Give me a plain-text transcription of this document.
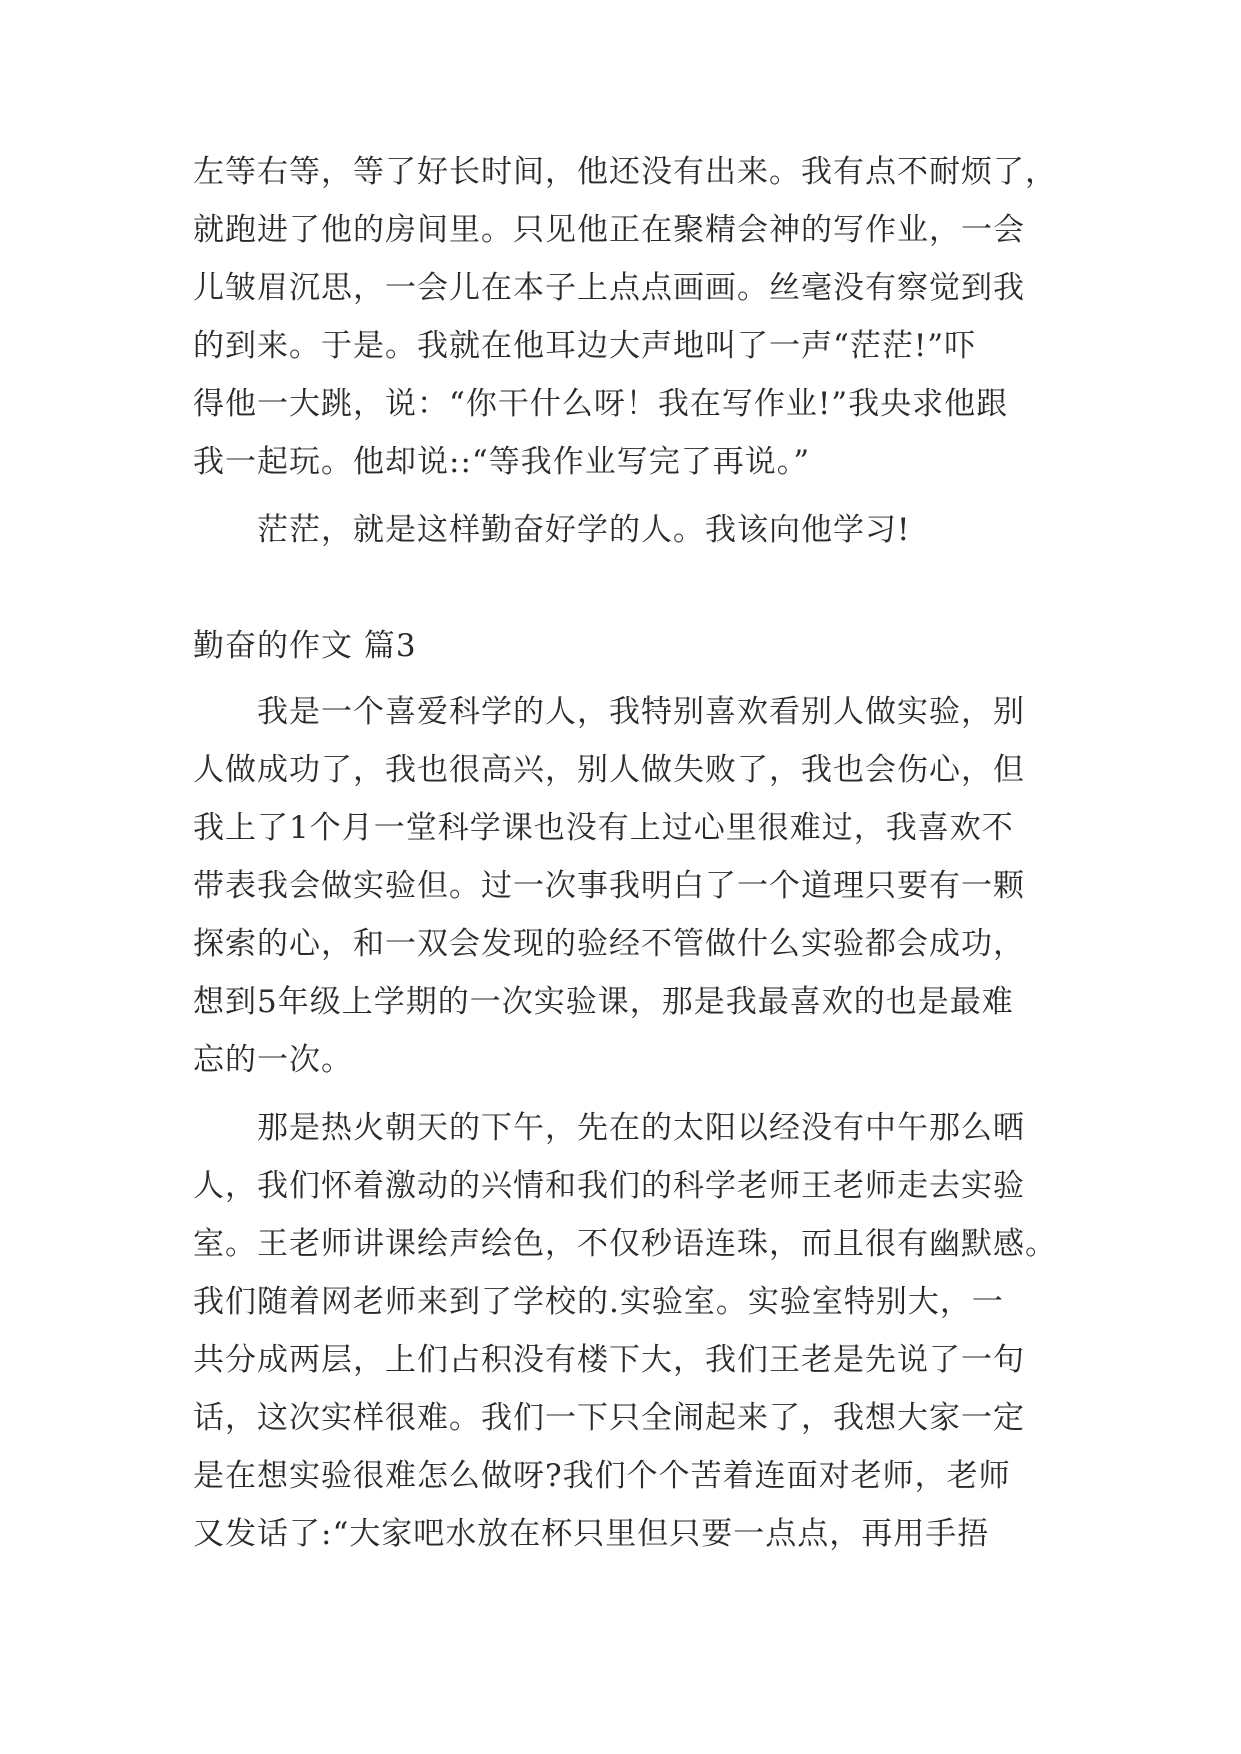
左等右等，等了好长时间，他还没有出来。我有点不耐烦了，
就跑进了他的房间里。只见他正在聚精会神的写作业，一会
儿皱眉沉思，一会儿在本子上点点画画。丝毫没有察觉到我
的到来。于是。我就在他耳边大声地叫了一声“茫茫!”吓
得他一大跳，说：“你干什么呀！我在写作业!”我央求他跟
我一起玩。他却说::“等我作业写完了再说。”
茫茫，就是这样勤奋好学的人。我该向他学习!
勤奋的作文 篇3
我是一个喜爱科学的人，我特别喜欢看别人做实验，别
人做成功了，我也很高兴，别人做失败了，我也会伤心，但
我上了1个月一堂科学课也没有上过心里很难过，我喜欢不
带表我会做实验但。过一次事我明白了一个道理只要有一颗
探索的心，和一双会发现的验经不管做什么实验都会成功，
想到5年级上学期的一次实验课，那是我最喜欢的也是最难
忘的一次。
那是热火朝天的下午，先在的太阳以经没有中午那么晒
人，我们怀着激动的兴情和我们的科学老师王老师走去实验
室。王老师讲课绘声绘色，不仅秒语连珠，而且很有幽默感。
我们随着网老师来到了学校的.实验室。实验室特别大，一
共分成两层，上们占积没有楼下大，我们王老是先说了一句
话，这次实样很难。我们一下只全闹起来了，我想大家一定
是在想实验很难怎么做呀?我们个个苦着连面对老师，老师
又发话了:“大家吧水放在杯只里但只要一点点，再用手捂
